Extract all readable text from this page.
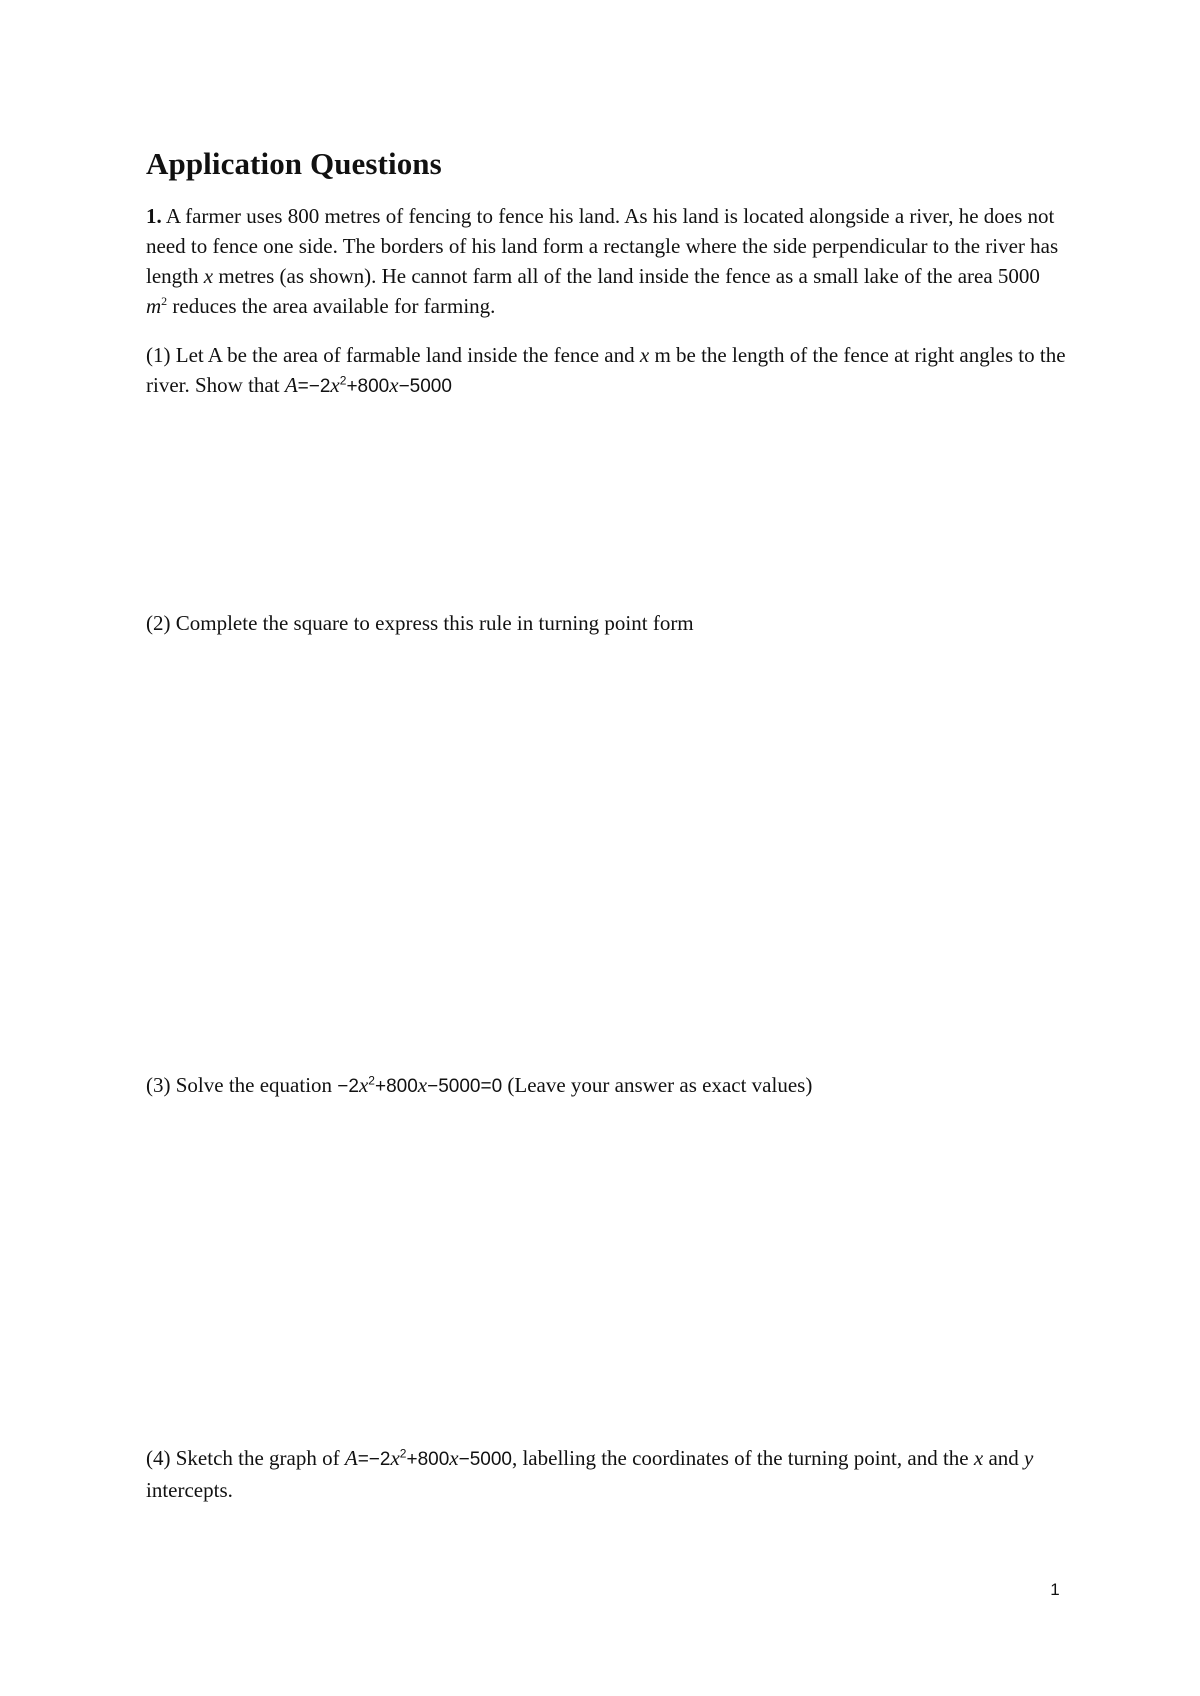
Application Questions

1. A farmer uses 800 metres of fencing to fence his land. As his land is located alongside a river, he does not need to fence one side. The borders of his land form a rectangle where the side perpendicular to the river has length x metres (as shown). He cannot farm all of the land inside the fence as a small lake of the area 5000 $m^2$ reduces the area available for farming.

(1) Let A be the area of farmable land inside the fence and x m be the length of the fence at right angles to the river. Show that $A=-2x^2+800x-5000$

(2) Complete the square to express this rule in turning point form

(3) Solve the equation $-2x^2+800x-5000=0$ (Leave your answer as exact values)

(4) Sketch the graph of $A=-2x^2+800x-5000$, labelling the coordinates of the turning point, and the x and y intercepts.

1
